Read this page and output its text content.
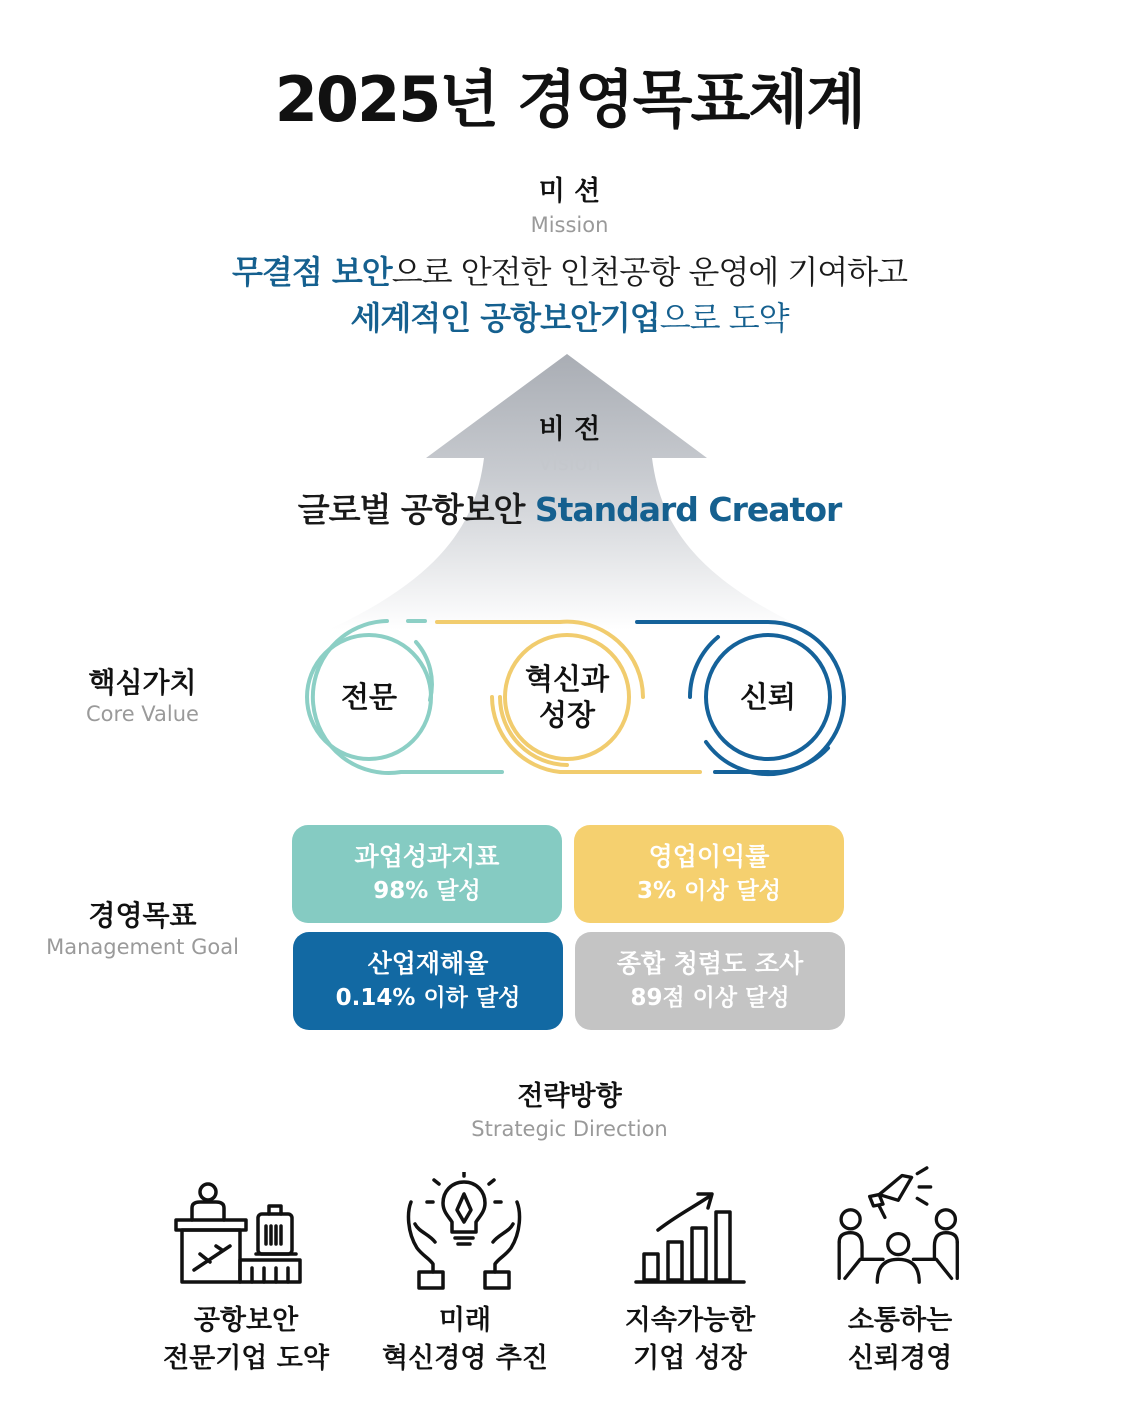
2025년 경영목표체계
미 션
Mission
무결점 보안으로 안전한 인천공항 운영에 기여하고
세계적인 공항보안기업으로 도약
비 전
Vision
글로벌 공항보안 Standard Creator
핵심가치
Core Value	전문
혁신과
성장
신뢰
경영목표
Management Goal
과업성과지표
98% 달성
영업이익률
3% 이상 달성
산업재해율
0.14% 이하 달성
종합 청렴도 조사
89점 이상 달성
전략방향
Strategic Direction
공항보안
전문기업 도약
미래
혁신경영 추진
지속가능한
기업 성장
소통하는
신뢰경영
